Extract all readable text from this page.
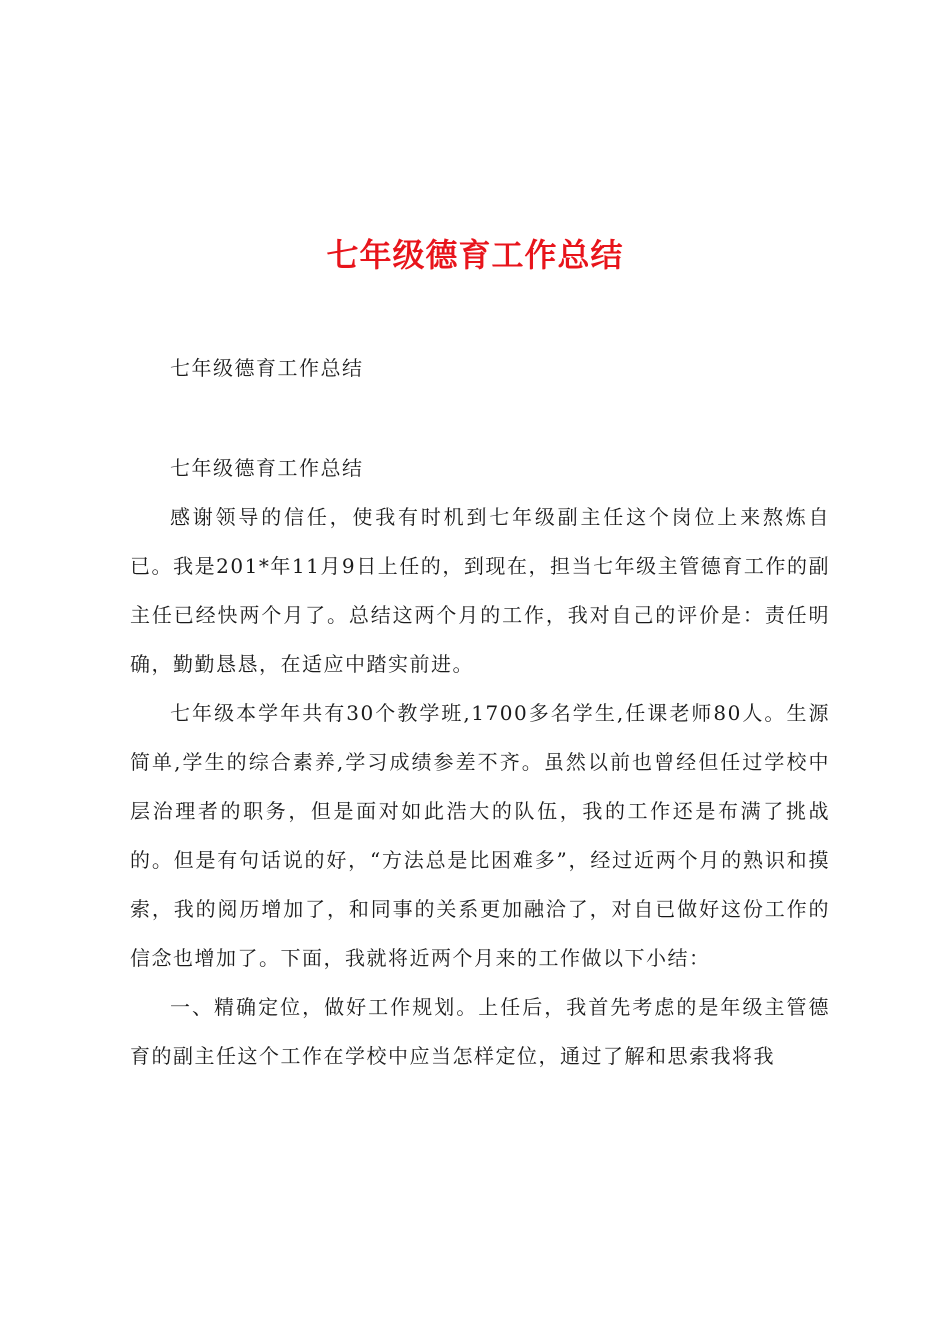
七年级德育工作总结

七年级德育工作总结

七年级德育工作总结

感谢领导的信任，使我有时机到七年级副主任这个岗位上来熬炼自已。我是201*年11月9日上任的，到现在，担当七年级主管德育工作的副主任已经快两个月了。总结这两个月的工作，我对自己的评价是：责任明确，勤勤恳恳，在适应中踏实前进。

七年级本学年共有30个教学班,1700多名学生,任课老师80人。生源简单,学生的综合素养,学习成绩参差不齐。虽然以前也曾经但任过学校中层治理者的职务，但是面对如此浩大的队伍，我的工作还是布满了挑战的。但是有句话说的好，“方法总是比困难多”，经过近两个月的熟识和摸索，我的阅历增加了，和同事的关系更加融洽了，对自已做好这份工作的信念也增加了。下面，我就将近两个月来的工作做以下小结：

一、精确定位，做好工作规划。上任后，我首先考虑的是年级主管德育的副主任这个工作在学校中应当怎样定位，通过了解和思索我将我
